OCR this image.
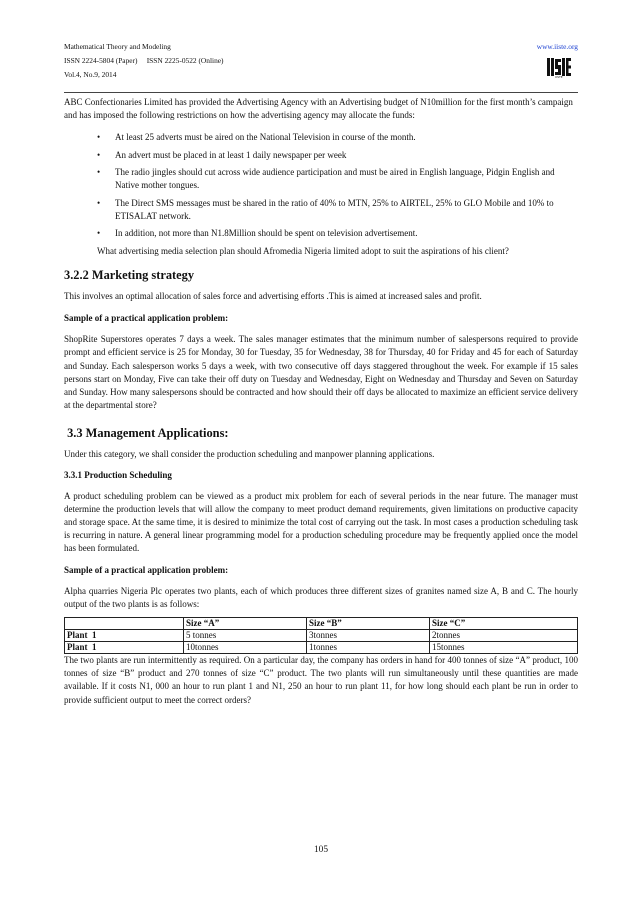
Mathematical Theory and Modeling
ISSN 2224-5804 (Paper)     ISSN 2225-0522 (Online)
Vol.4, No.9, 2014
www.iiste.org
IISTE

ABC Confectionaries Limited has provided the Advertising Agency with an Advertising budget of N10million for the first month’s campaign and has imposed the following restrictions on how the advertising agency may allocate the funds:

• At least 25 adverts must be aired on the National Television in course of the month.
• An advert must be placed in at least 1 daily newspaper per week
• The radio jingles should cut across wide audience participation and must be aired in English language, Pidgin English and Native mother tongues.
• The Direct SMS messages must be shared in the ratio of 40% to MTN, 25% to AIRTEL, 25% to GLO Mobile and 10% to ETISALAT network.
• In addition, not more than N1.8Million should be spent on television advertisement.

What advertising media selection plan should Afromedia Nigeria limited adopt to suit the aspirations of his client?

3.2.2 Marketing strategy

This involves an optimal allocation of sales force and advertising efforts .This is aimed at increased sales and profit.

Sample of a practical application problem:

ShopRite Superstores operates 7 days a week. The sales manager estimates that the minimum number of salespersons required to provide prompt and efficient service is 25 for Monday, 30 for Tuesday, 35 for Wednesday, 38 for Thursday, 40 for Friday and 45 for each of Saturday and Sunday. Each salesperson works 5 days a week, with two consecutive off days staggered throughout the week. For example if 15 sales persons start on Monday, Five can take their off duty on Tuesday and Wednesday, Eight on Wednesday and Thursday and Seven on Saturday and Sunday. How many salespersons should be contracted and how should their off days be allocated to maximize an efficient service delivery at the departmental store?

3.3 Management Applications:

Under this category, we shall consider the production scheduling and manpower planning applications.

3.3.1 Production Scheduling

A product scheduling problem can be viewed as a product mix problem for each of several periods in the near future. The manager must determine the production levels that will allow the company to meet product demand requirements, given limitations on productive capacity and storage space. At the same time, it is desired to minimize the total cost of carrying out the task. In most cases a production scheduling task is recurring in nature. A general linear programming model for a production scheduling procedure may be frequently applied once the model has been formulated.

Sample of a practical application problem:

Alpha quarries Nigeria Plc operates two plants, each of which produces three different sizes of granites named size A, B and C. The hourly output of the two plants is as follows:

	Size “A”	Size “B”	Size “C”
Plant  1	5 tonnes	3tonnes	2tonnes
Plant  1	10tonnes	1tonnes	15tonnes

The two plants are run intermittently as required. On a particular day, the company has orders in hand for 400 tonnes of size “A” product, 100 tonnes of size “B” product and 270 tonnes of size “C” product. The two plants will run simultaneously until these quantities are made available. If it costs N1, 000 an hour to run plant 1 and N1, 250 an hour to run plant 11, for how long should each plant be run in order to provide sufficient output to meet the correct orders?

105
